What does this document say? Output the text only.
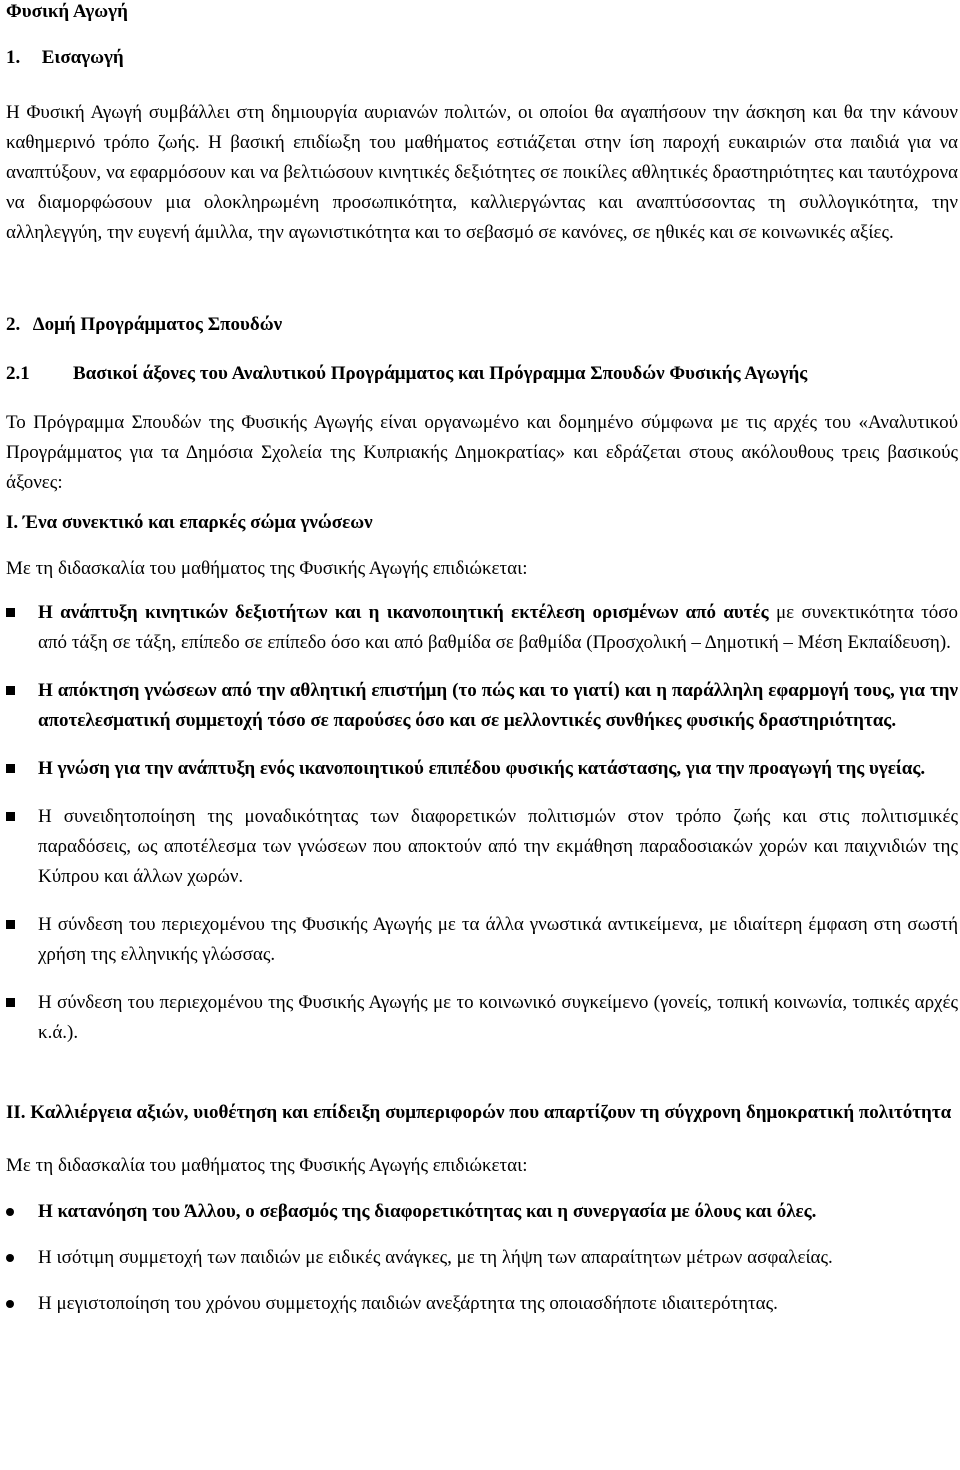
Φυσική Αγωγή

1. Εισαγωγή

Η Φυσική Αγωγή συμβάλλει στη δημιουργία αυριανών πολιτών, οι οποίοι θα αγαπήσουν την άσκηση και θα την κάνουν καθημερινό τρόπο ζωής. Η βασική επιδίωξη του μαθήματος εστιάζεται στην ίση παροχή ευκαιριών στα παιδιά για να αναπτύξουν, να εφαρμόσουν και να βελτιώσουν κινητικές δεξιότητες σε ποικίλες αθλητικές δραστηριότητες και ταυτόχρονα να διαμορφώσουν μια ολοκληρωμένη προσωπικότητα, καλλιεργώντας και αναπτύσσοντας τη συλλογικότητα, την αλληλεγγύη, την ευγενή άμιλλα, την αγωνιστικότητα και το σεβασμό σε κανόνες, σε ηθικές και σε κοινωνικές αξίες.

2. Δομή Προγράμματος Σπουδών
2.1	Βασικοί άξονες του Αναλυτικού Προγράμματος και Πρόγραμμα Σπουδών Φυσικής Αγωγής

Το Πρόγραμμα Σπουδών της Φυσικής Αγωγής είναι οργανωμένο και δομημένο σύμφωνα με τις αρχές του «Αναλυτικού Προγράμματος για τα Δημόσια Σχολεία της Κυπριακής Δημοκρατίας» και εδράζεται στους ακόλουθους τρεις βασικούς άξονες:

Ι. Ένα συνεκτικό και επαρκές σώμα γνώσεων

Με τη διδασκαλία του μαθήματος της Φυσικής Αγωγής επιδιώκεται:

Η ανάπτυξη κινητικών δεξιοτήτων και η ικανοποιητική εκτέλεση ορισμένων από αυτές με συνεκτικότητα τόσο από τάξη σε τάξη, επίπεδο σε επίπεδο όσο και από βαθμίδα σε βαθμίδα (Προσχολική – Δημοτική – Μέση Εκπαίδευση).
Η απόκτηση γνώσεων από την αθλητική επιστήμη (το πώς και το γιατί) και η παράλληλη εφαρμογή τους, για την αποτελεσματική συμμετοχή τόσο σε παρούσες όσο και σε μελλοντικές συνθήκες φυσικής δραστηριότητας.
Η γνώση για την ανάπτυξη ενός ικανοποιητικού επιπέδου φυσικής κατάστασης, για την προαγωγή της υγείας.
Η συνειδητοποίηση της μοναδικότητας των διαφορετικών πολιτισμών στον τρόπο ζωής και στις πολιτισμικές παραδόσεις, ως αποτέλεσμα των γνώσεων που αποκτούν από την εκμάθηση παραδοσιακών χορών και παιχνιδιών της Κύπρου και άλλων χωρών.
Η σύνδεση του περιεχομένου της Φυσικής Αγωγής με τα άλλα γνωστικά αντικείμενα, με ιδιαίτερη έμφαση στη σωστή χρήση της ελληνικής γλώσσας.
Η σύνδεση του περιεχομένου της Φυσικής Αγωγής με το κοινωνικό συγκείμενο (γονείς, τοπική κοινωνία, τοπικές αρχές κ.ά.).

ΙΙ. Καλλιέργεια αξιών, υιοθέτηση και επίδειξη συμπεριφορών που απαρτίζουν τη σύγχρονη δημοκρατική πολιτότητα

Με τη διδασκαλία του μαθήματος της Φυσικής Αγωγής επιδιώκεται:

Η κατανόηση του Άλλου, ο σεβασμός της διαφορετικότητας και η συνεργασία με όλους και όλες.
Η ισότιμη συμμετοχή των παιδιών με ειδικές ανάγκες, με τη λήψη των απαραίτητων μέτρων ασφαλείας.
Η μεγιστοποίηση του χρόνου συμμετοχής παιδιών ανεξάρτητα της οποιασδήποτε ιδιαιτερότητας.
